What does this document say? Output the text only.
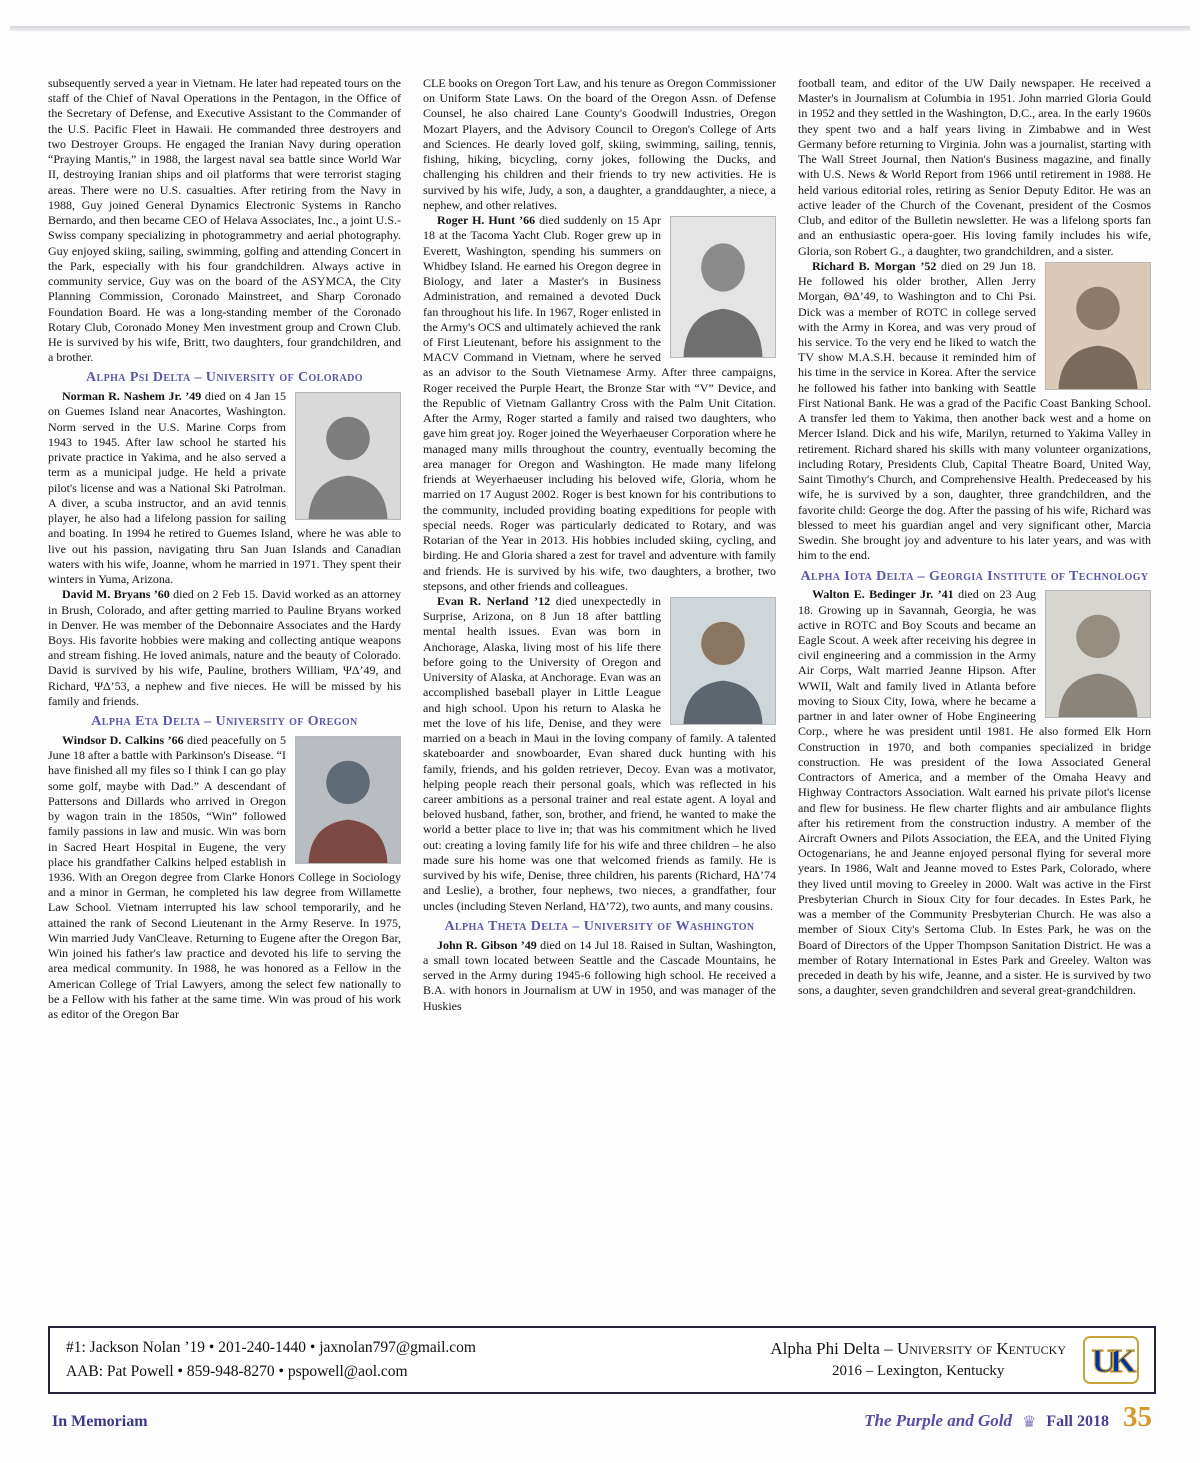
subsequently served a year in Vietnam. He later had repeated tours on the staff of the Chief of Naval Operations in the Pentagon, in the Office of the Secretary of Defense, and Executive Assistant to the Commander of the U.S. Pacific Fleet in Hawaii. He commanded three destroyers and two Destroyer Groups. He engaged the Iranian Navy during operation “Praying Mantis,” in 1988, the largest naval sea battle since World War II, destroying Iranian ships and oil platforms that were terrorist staging areas. There were no U.S. casualties. After retiring from the Navy in 1988, Guy joined General Dynamics Electronic Systems in Rancho Bernardo, and then became CEO of Helava Associates, Inc., a joint U.S.-Swiss company specializing in photogrammetry and aerial photography. Guy enjoyed skiing, sailing, swimming, golfing and attending Concert in the Park, especially with his four grandchildren. Always active in community service, Guy was on the board of the ASYMCA, the City Planning Commission, Coronado Mainstreet, and Sharp Coronado Foundation Board. He was a long-standing member of the Coronado Rotary Club, Coronado Money Men investment group and Crown Club. He is survived by his wife, Britt, two daughters, four grandchildren, and a brother.

Alpha Psi Delta – University of Colorado

Norman R. Nashem Jr. ’49 died on 4 Jan 15 on Guemes Island near Anacortes, Washington. Norm served in the U.S. Marine Corps from 1943 to 1945. After law school he started his private practice in Yakima, and he also served a term as a municipal judge. He held a private pilot's license and was a National Ski Patrolman. A diver, a scuba instructor, and an avid tennis player, he also had a lifelong passion for sailing and boating. In 1994 he retired to Guemes Island, where he was able to live out his passion, navigating thru San Juan Islands and Canadian waters with his wife, Joanne, whom he married in 1971. They spent their winters in Yuma, Arizona.

David M. Bryans ’60 died on 2 Feb 15. David worked as an attorney in Brush, Colorado, and after getting married to Pauline Bryans worked in Denver. He was member of the Debonnaire Associates and the Hardy Boys. His favorite hobbies were making and collecting antique weapons and stream fishing. He loved animals, nature and the beauty of Colorado. David is survived by his wife, Pauline, brothers William, ΨΔ’49, and Richard, ΨΔ’53, a nephew and five nieces. He will be missed by his family and friends.

Alpha Eta Delta – University of Oregon

Windsor D. Calkins ’66 died peacefully on 5 June 18 after a battle with Parkinson's Disease. “I have finished all my files so I think I can go play some golf, maybe with Dad.” A descendant of Pattersons and Dillards who arrived in Oregon by wagon train in the 1850s, “Win” followed family passions in law and music. Win was born in Sacred Heart Hospital in Eugene, the very place his grandfather Calkins helped establish in 1936. With an Oregon degree from Clarke Honors College in Sociology and a minor in German, he completed his law degree from Willamette Law School. Vietnam interrupted his law school temporarily, and he attained the rank of Second Lieutenant in the Army Reserve. In 1975, Win married Judy VanCleave. Returning to Eugene after the Oregon Bar, Win joined his father's law practice and devoted his life to serving the area medical community. In 1988, he was honored as a Fellow in the American College of Trial Lawyers, among the select few nationally to be a Fellow with his father at the same time. Win was proud of his work as editor of the Oregon Bar

CLE books on Oregon Tort Law, and his tenure as Oregon Commissioner on Uniform State Laws. On the board of the Oregon Assn. of Defense Counsel, he also chaired Lane County's Goodwill Industries, Oregon Mozart Players, and the Advisory Council to Oregon's College of Arts and Sciences. He dearly loved golf, skiing, swimming, sailing, tennis, fishing, hiking, bicycling, corny jokes, following the Ducks, and challenging his children and their friends to try new activities. He is survived by his wife, Judy, a son, a daughter, a granddaughter, a niece, a nephew, and other relatives.

Roger H. Hunt ’66 died suddenly on 15 Apr 18 at the Tacoma Yacht Club. Roger grew up in Everett, Washington, spending his summers on Whidbey Island. He earned his Oregon degree in Biology, and later a Master's in Business Administration, and remained a devoted Duck fan throughout his life. In 1967, Roger enlisted in the Army's OCS and ultimately achieved the rank of First Lieutenant, before his assignment to the MACV Command in Vietnam, where he served as an advisor to the South Vietnamese Army. After three campaigns, Roger received the Purple Heart, the Bronze Star with “V” Device, and the Republic of Vietnam Gallantry Cross with the Palm Unit Citation. After the Army, Roger started a family and raised two daughters, who gave him great joy. Roger joined the Weyerhaeuser Corporation where he managed many mills throughout the country, eventually becoming the area manager for Oregon and Washington. He made many lifelong friends at Weyerhaeuser including his beloved wife, Gloria, whom he married on 17 August 2002. Roger is best known for his contributions to the community, included providing boating expeditions for people with special needs. Roger was particularly dedicated to Rotary, and was Rotarian of the Year in 2013. His hobbies included skiing, cycling, and birding. He and Gloria shared a zest for travel and adventure with family and friends. He is survived by his wife, two daughters, a brother, two stepsons, and other friends and colleagues.

Evan R. Nerland ’12 died unexpectedly in Surprise, Arizona, on 8 Jun 18 after battling mental health issues. Evan was born in Anchorage, Alaska, living most of his life there before going to the University of Oregon and University of Alaska, at Anchorage. Evan was an accomplished baseball player in Little League and high school. Upon his return to Alaska he met the love of his life, Denise, and they were married on a beach in Maui in the loving company of family. A talented skateboarder and snowboarder, Evan shared duck hunting with his family, friends, and his golden retriever, Decoy. Evan was a motivator, helping people reach their personal goals, which was reflected in his career ambitions as a personal trainer and real estate agent. A loyal and beloved husband, father, son, brother, and friend, he wanted to make the world a better place to live in; that was his commitment which he lived out: creating a loving family life for his wife and three children – he also made sure his home was one that welcomed friends as family. He is survived by his wife, Denise, three children, his parents (Richard, HΔ’74 and Leslie), a brother, four nephews, two nieces, a grandfather, four uncles (including Steven Nerland, HΔ’72), two aunts, and many cousins.

Alpha Theta Delta – University of Washington

John R. Gibson ’49 died on 14 Jul 18. Raised in Sultan, Washington, a small town located between Seattle and the Cascade Mountains, he served in the Army during 1945-6 following high school. He received a B.A. with honors in Journalism at UW in 1950, and was manager of the Huskies

football team, and editor of the UW Daily newspaper. He received a Master's in Journalism at Columbia in 1951. John married Gloria Gould in 1952 and they settled in the Washington, D.C., area. In the early 1960s they spent two and a half years living in Zimbabwe and in West Germany before returning to Virginia. John was a journalist, starting with The Wall Street Journal, then Nation's Business magazine, and finally with U.S. News & World Report from 1966 until retirement in 1988. He held various editorial roles, retiring as Senior Deputy Editor. He was an active leader of the Church of the Covenant, president of the Cosmos Club, and editor of the Bulletin newsletter. He was a lifelong sports fan and an enthusiastic opera-goer. His loving family includes his wife, Gloria, son Robert G., a daughter, two grandchildren, and a sister.

Richard B. Morgan ’52 died on 29 Jun 18. He followed his older brother, Allen Jerry Morgan, ΘΔ’49, to Washington and to Chi Psi. Dick was a member of ROTC in college served with the Army in Korea, and was very proud of his service. To the very end he liked to watch the TV show M.A.S.H. because it reminded him of his time in the service in Korea. After the service he followed his father into banking with Seattle First National Bank. He was a grad of the Pacific Coast Banking School. A transfer led them to Yakima, then another back west and a home on Mercer Island. Dick and his wife, Marilyn, returned to Yakima Valley in retirement. Richard shared his skills with many volunteer organizations, including Rotary, Presidents Club, Capital Theatre Board, United Way, Saint Timothy's Church, and Comprehensive Health. Predeceased by his wife, he is survived by a son, daughter, three grandchildren, and the favorite child: George the dog. After the passing of his wife, Richard was blessed to meet his guardian angel and very significant other, Marcia Swedin. She brought joy and adventure to his later years, and was with him to the end.

Alpha Iota Delta – Georgia Institute of Technology

Walton E. Bedinger Jr. ’41 died on 23 Aug 18. Growing up in Savannah, Georgia, he was active in ROTC and Boy Scouts and became an Eagle Scout. A week after receiving his degree in civil engineering and a commission in the Army Air Corps, Walt married Jeanne Hipson. After WWII, Walt and family lived in Atlanta before moving to Sioux City, Iowa, where he became a partner in and later owner of Hobe Engineering Corp., where he was president until 1981. He also formed Elk Horn Construction in 1970, and both companies specialized in bridge construction. He was president of the Iowa Associated General Contractors of America, and a member of the Omaha Heavy and Highway Contractors Association. Walt earned his private pilot's license and flew for business. He flew charter flights and air ambulance flights after his retirement from the construction industry. A member of the Aircraft Owners and Pilots Association, the EEA, and the United Flying Octogenarians, he and Jeanne enjoyed personal flying for several more years. In 1986, Walt and Jeanne moved to Estes Park, Colorado, where they lived until moving to Greeley in 2000. Walt was active in the First Presbyterian Church in Sioux City for four decades. In Estes Park, he was a member of the Community Presbyterian Church. He was also a member of Sioux City's Sertoma Club. In Estes Park, he was on the Board of Directors of the Upper Thompson Sanitation District. He was a member of Rotary International in Estes Park and Greeley. Walton was preceded in death by his wife, Jeanne, and a sister. He is survived by two sons, a daughter, seven grandchildren and several great-grandchildren.

#1: Jackson Nolan ’19 • 201-240-1440 • jaxnolan797@gmail.com
AAB: Pat Powell • 859-948-8270 • pspowell@aol.com
Alpha Phi Delta – University of Kentucky
2016 – Lexington, Kentucky	UK
In Memoriam	The Purple and Gold ♛ Fall 2018 35
